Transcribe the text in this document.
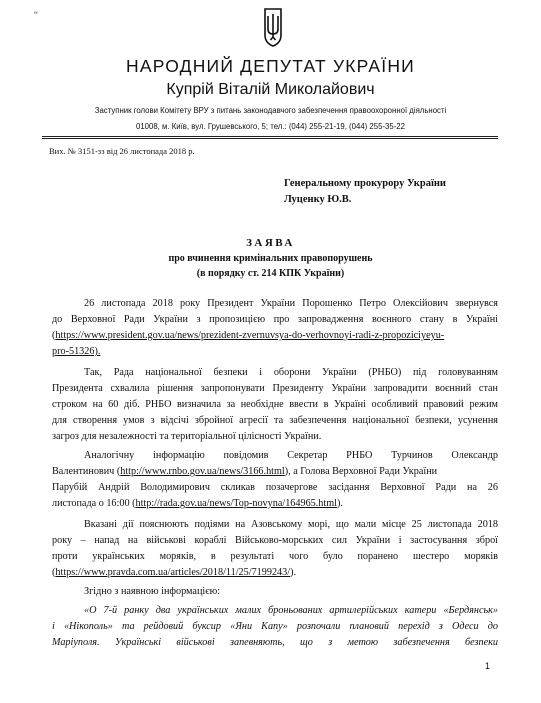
‘‘
НАРОДНИЙ ДЕПУТАТ УКРАЇНИ
Купрій Віталій Миколайович
Заступник голови Комітету ВРУ з питань законодавчого забезпечення правоохоронної діяльності
01008, м. Київ, вул. Грушевського, 5; тел.: (044) 255-21-19, (044) 255-35-22
Вих. № 3151-зз від 26 листопада 2018 р.
Генеральному прокурору України
Луценку Ю.В.
ЗАЯВА
про вчинення кримінальних правопорушень
(в порядку ст. 214 КПК України)
26 листопада 2018 року Президент України Порошенко Петро Олексійович звернувся
до Верховної Ради України з пропозицією про запровадження воєнного стану в Україні
(https://www.president.gov.ua/news/prezident-zvernuvsya-do-verhovnoyi-radi-z-propoziciyeyu-
pro-51326).
Так, Рада національної безпеки і оборони України (РНБО) під головуванням
Президента схвалила рішення запропонувати Президенту України запровадити воєнний стан
строком на 60 діб. РНБО визначила за необхідне ввести в Україні особливий правовий режим
для створення умов з відсічі збройної агресії та забезпечення національної безпеки, усунення
загроз для незалежності та територіальної цілісності України.
Аналогічну інформацію повідомив Секретар РНБО Турчинов Олександр
Валентинович (http://www.rnbo.gov.ua/news/3166.html), а Голова Верховної Ради України
Парубій Андрій Володимирович скликав позачергове засідання Верховної Ради на 26
листопада о 16:00 (http://rada.gov.ua/news/Top-novyna/164965.html).
Вказані дії пояснюють подіями на Азовському морі, що мали місце 25 листопада 2018
року – напад на військові кораблі Військово-морських сил України і застосування зброї
проти українських моряків, в результаті чого було поранено шестеро моряків
(https://www.pravda.com.ua/articles/2018/11/25/7199243/).
Згідно з наявною інформацією:
«О 7-й ранку два українських малих броньованих артилерійських катери «Бердянськ»
і «Нікополь» та рейдовий буксир «Яни Капу» розпочали плановий перехід з Одеси до
Маріуполя. Українські військові запевняють, що з метою забезпечення безпеки
1
